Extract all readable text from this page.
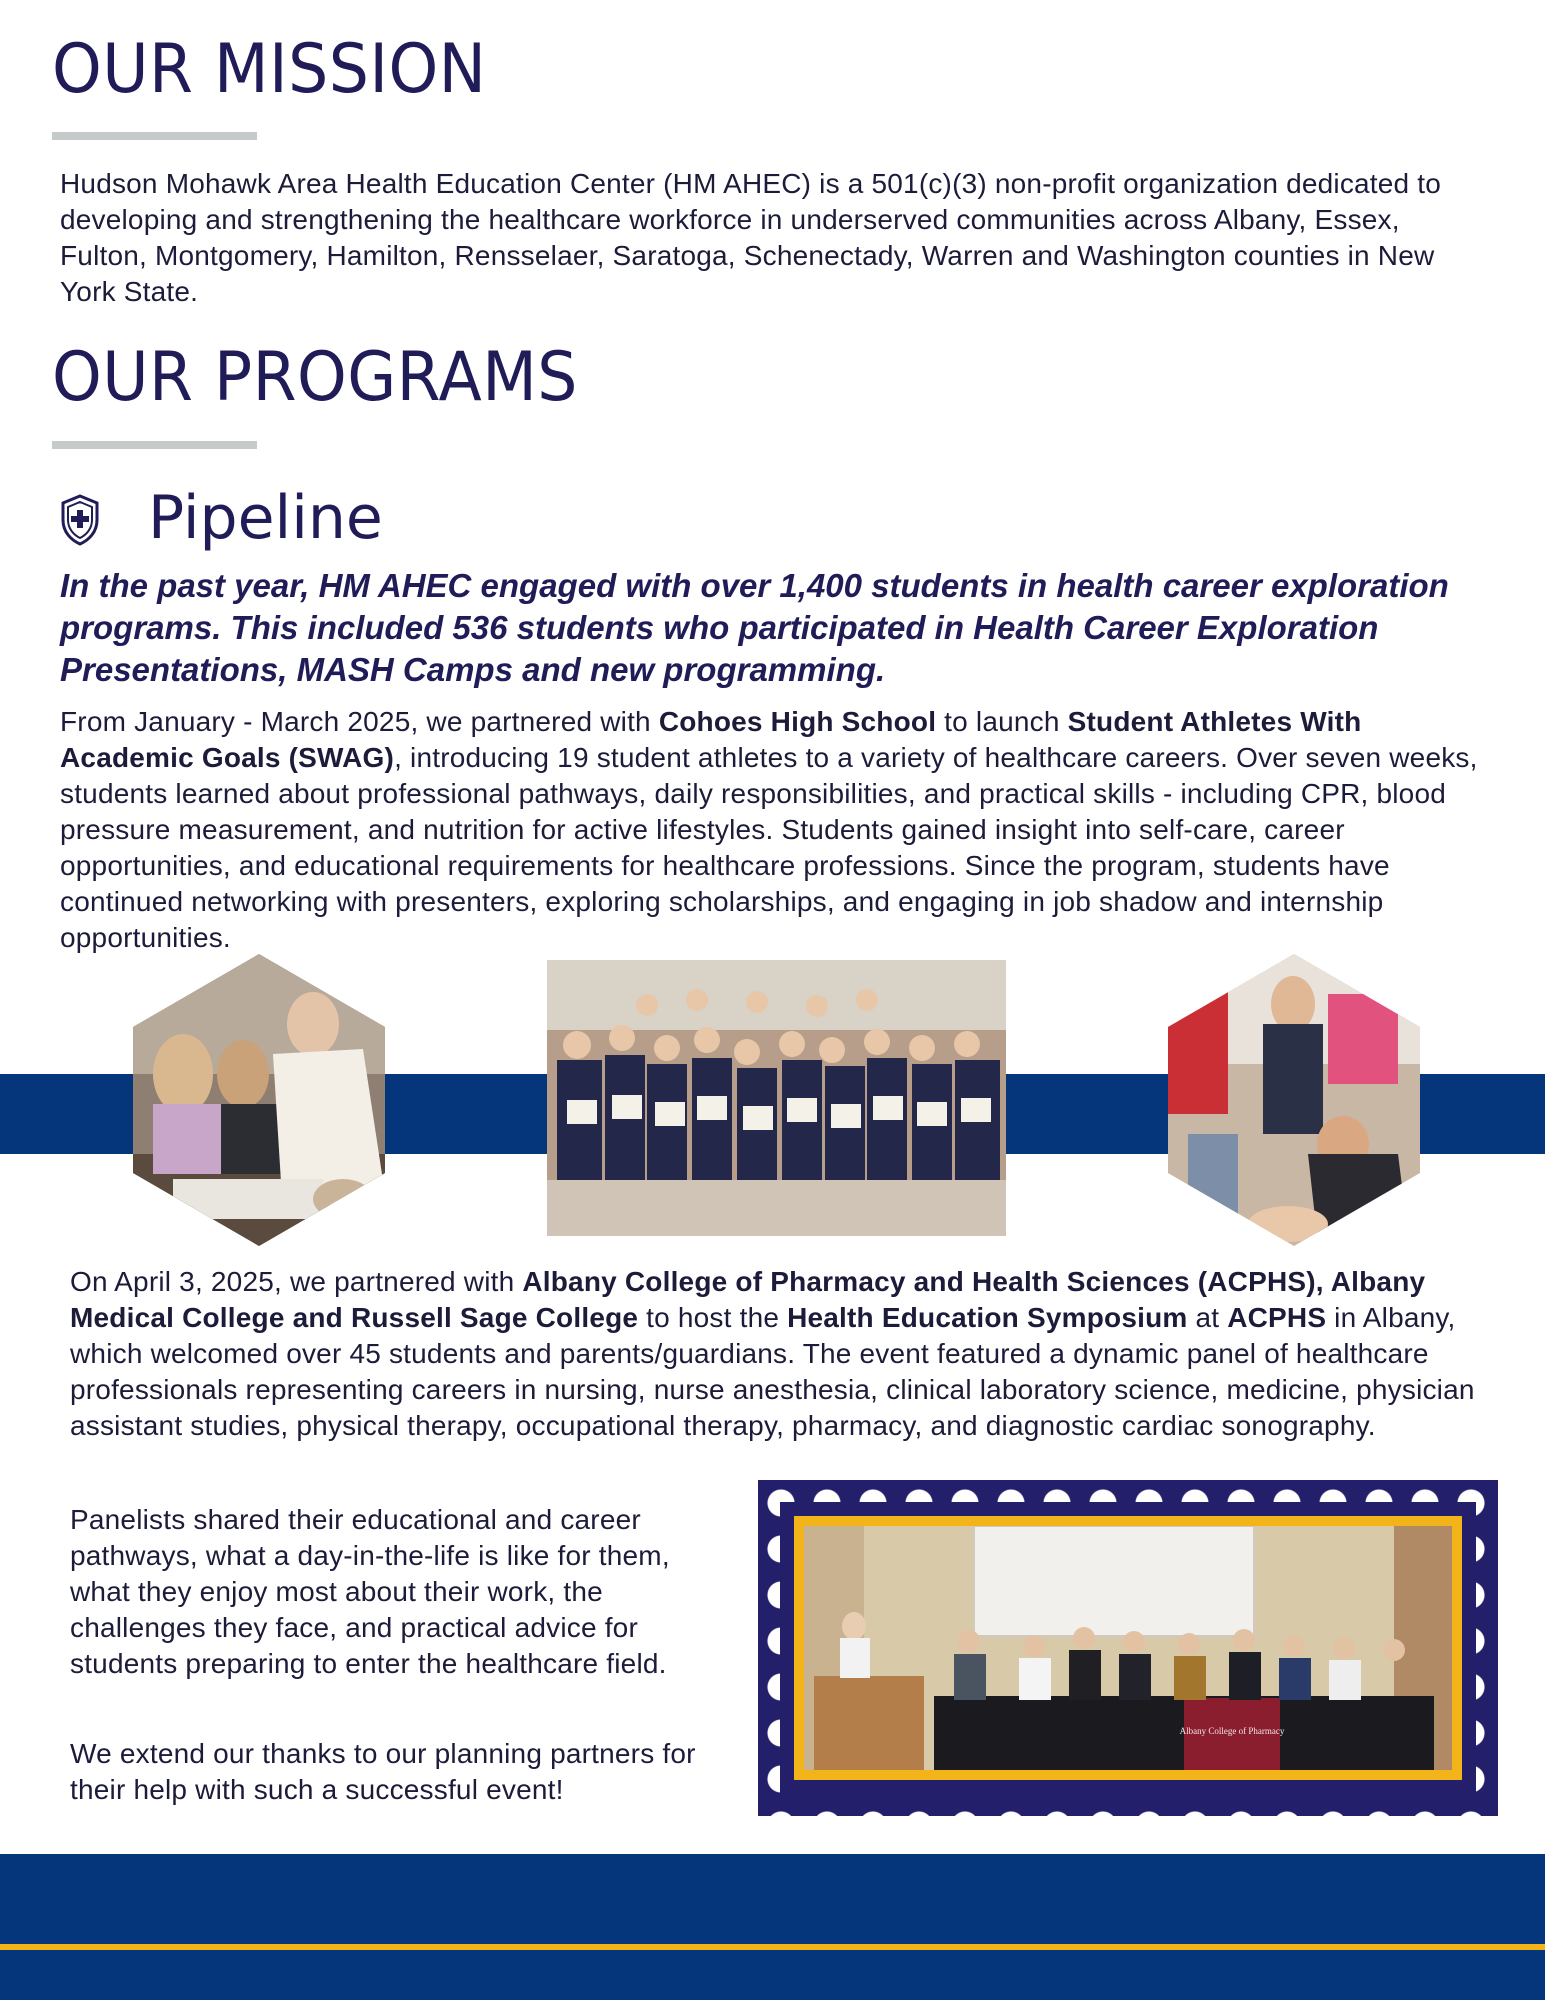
OUR MISSION

Hudson Mohawk Area Health Education Center (HM AHEC) is a 501(c)(3) non-profit organization dedicated to developing and strengthening the healthcare workforce in underserved communities across Albany, Essex, Fulton, Montgomery, Hamilton, Rensselaer, Saratoga, Schenectady, Warren and Washington counties in New York State.

OUR PROGRAMS
Pipeline

In the past year, HM AHEC engaged with over 1,400 students in health career exploration programs. This included 536 students who participated in Health Career Exploration Presentations, MASH Camps and new programming.

From January - March 2025, we partnered with Cohoes High School to launch Student Athletes With Academic Goals (SWAG), introducing 19 student athletes to a variety of healthcare careers. Over seven weeks, students learned about professional pathways, daily responsibilities, and practical skills - including CPR, blood pressure measurement, and nutrition for active lifestyles. Students gained insight into self-care, career opportunities, and educational requirements for healthcare professions. Since the program, students have continued networking with presenters, exploring scholarships, and engaging in job shadow and internship opportunities.

On April 3, 2025, we partnered with Albany College of Pharmacy and Health Sciences (ACPHS), Albany Medical College and Russell Sage College to host the Health Education Symposium at ACPHS in Albany, which welcomed over 45 students and parents/guardians. The event featured a dynamic panel of healthcare professionals representing careers in nursing, nurse anesthesia, clinical laboratory science, medicine, physician assistant studies, physical therapy, occupational therapy, pharmacy, and diagnostic cardiac sonography.

Panelists shared their educational and career pathways, what a day-in-the-life is like for them, what they enjoy most about their work, the challenges they face, and practical advice for students preparing to enter the healthcare field.

We extend our thanks to our planning partners for their help with such a successful event!

Albany College of Pharmacy
